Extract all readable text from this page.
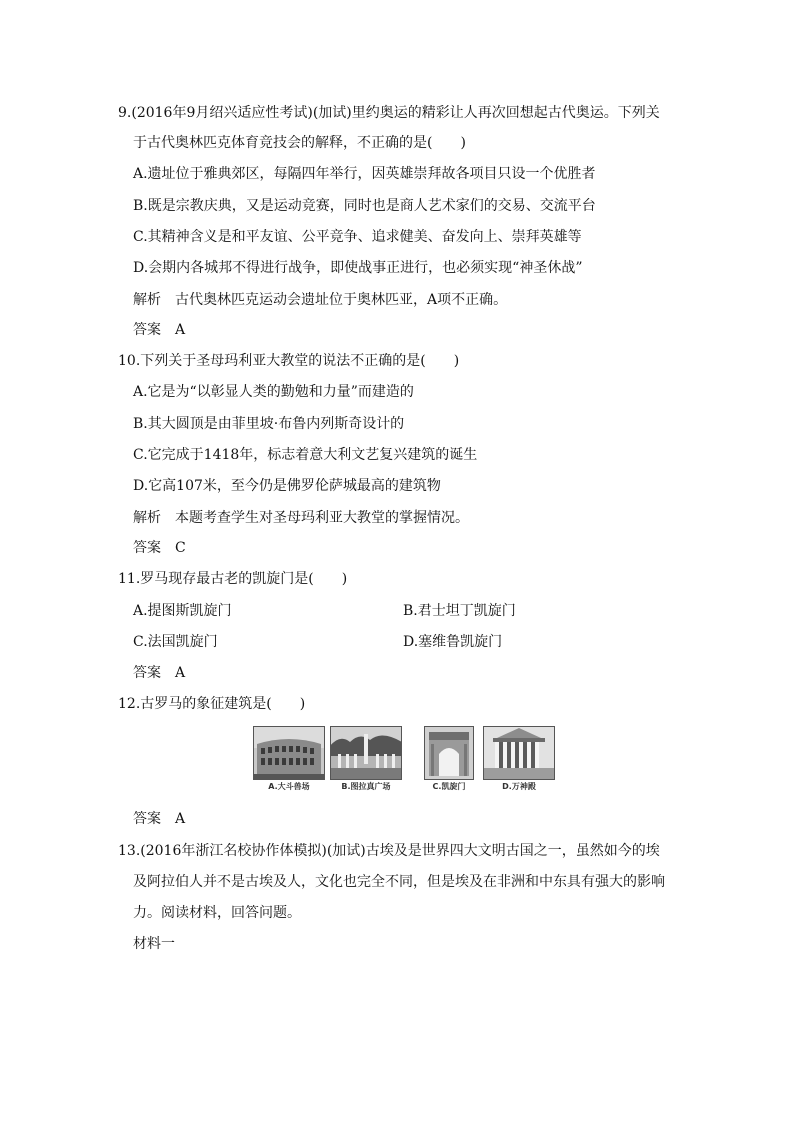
9.(2016年9月绍兴适应性考试)(加试)里约奥运的精彩让人再次回想起古代奥运。下列关
于古代奥林匹克体育竞技会的解释，不正确的是(　　)
A.遗址位于雅典郊区，每隔四年举行，因英雄崇拜故各项目只设一个优胜者
B.既是宗教庆典，又是运动竞赛，同时也是商人艺术家们的交易、交流平台
C.其精神含义是和平友谊、公平竞争、追求健美、奋发向上、崇拜英雄等
D.会期内各城邦不得进行战争，即使战事正进行，也必须实现“神圣休战”
解析　古代奥林匹克运动会遗址位于奥林匹亚，A项不正确。
答案　A
10.下列关于圣母玛利亚大教堂的说法不正确的是(　　)
A.它是为“以彰显人类的勤勉和力量”而建造的
B.其大圆顶是由菲里坡·布鲁内列斯奇设计的
C.它完成于1418年，标志着意大利文艺复兴建筑的诞生
D.它高107米，至今仍是佛罗伦萨城最高的建筑物
解析　本题考查学生对圣母玛利亚大教堂的掌握情况。
答案　C
11.罗马现存最古老的凯旋门是(　　)
A.提图斯凯旋门	B.君士坦丁凯旋门
C.法国凯旋门	D.塞维鲁凯旋门
答案　A
12.古罗马的象征建筑是(　　)
A.大斗兽场	B.图拉真广场	C.凯旋门	D.万神殿
答案　A
13.(2016年浙江名校协作体模拟)(加试)古埃及是世界四大文明古国之一，虽然如今的埃
及阿拉伯人并不是古埃及人，文化也完全不同，但是埃及在非洲和中东具有强大的影响
力。阅读材料，回答问题。
材料一
